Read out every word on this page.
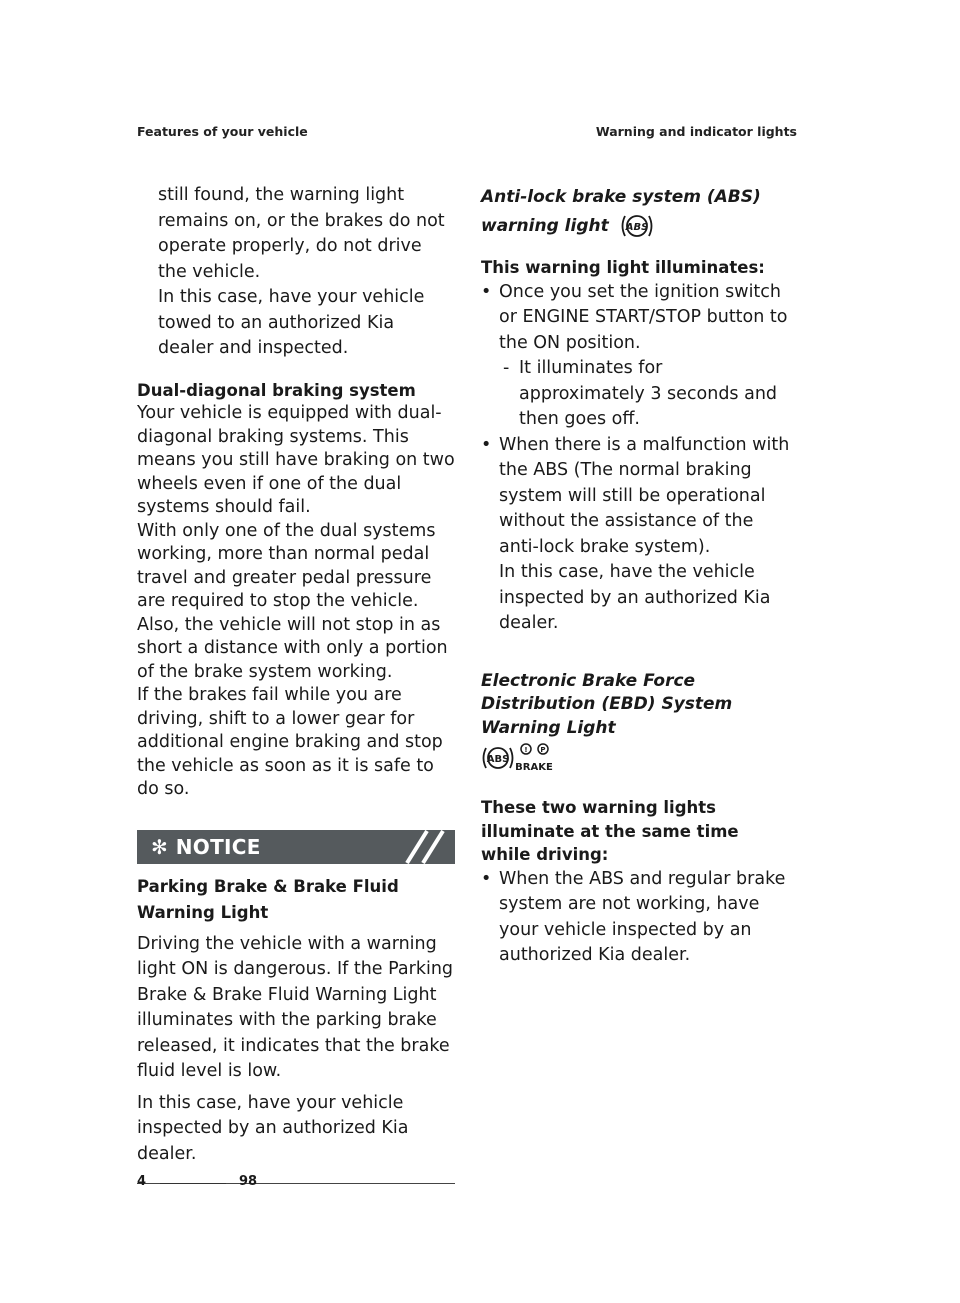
Features of your vehicle	Warning and indicator lights

still found, the warning light remains on, or the brakes do not operate properly, do not drive the vehicle.

In this case, have your vehicle towed to an authorized Kia dealer and inspected.

Dual-diagonal braking system

Your vehicle is equipped with dual-diagonal braking systems. This means you still have braking on two wheels even if one of the dual systems should fail.

With only one of the dual systems working, more than normal pedal travel and greater pedal pressure are required to stop the vehicle.

Also, the vehicle will not stop in as short a distance with only a portion of the brake system working.

If the brakes fail while you are driving, shift to a lower gear for additional engine braking and stop the vehicle as soon as it is safe to do so.

✻ NOTICE

Parking Brake & Brake Fluid Warning Light

Driving the vehicle with a warning light ON is dangerous. If the Parking Brake & Brake Fluid Warning Light illuminates with the parking brake released, it indicates that the brake fluid level is low.

In this case, have your vehicle inspected by an authorized Kia dealer.

Anti-lock brake system (ABS)

warning light ABS

This warning light illuminates:

• Once you set the ignition switch or ENGINE START/STOP button to the ON position.
- It illuminates for approximately 3 seconds and then goes off.
• When there is a malfunction with the ABS (The normal braking system will still be operational without the assistance of the anti-lock brake system).

In this case, have the vehicle inspected by an authorized Kia dealer.

Electronic Brake Force Distribution (EBD) System Warning Light

ABS
! P
BRAKE

These two warning lights illuminate at the same time while driving:

• When the ABS and regular brake system are not working, have your vehicle inspected by an authorized Kia dealer.
4	98
